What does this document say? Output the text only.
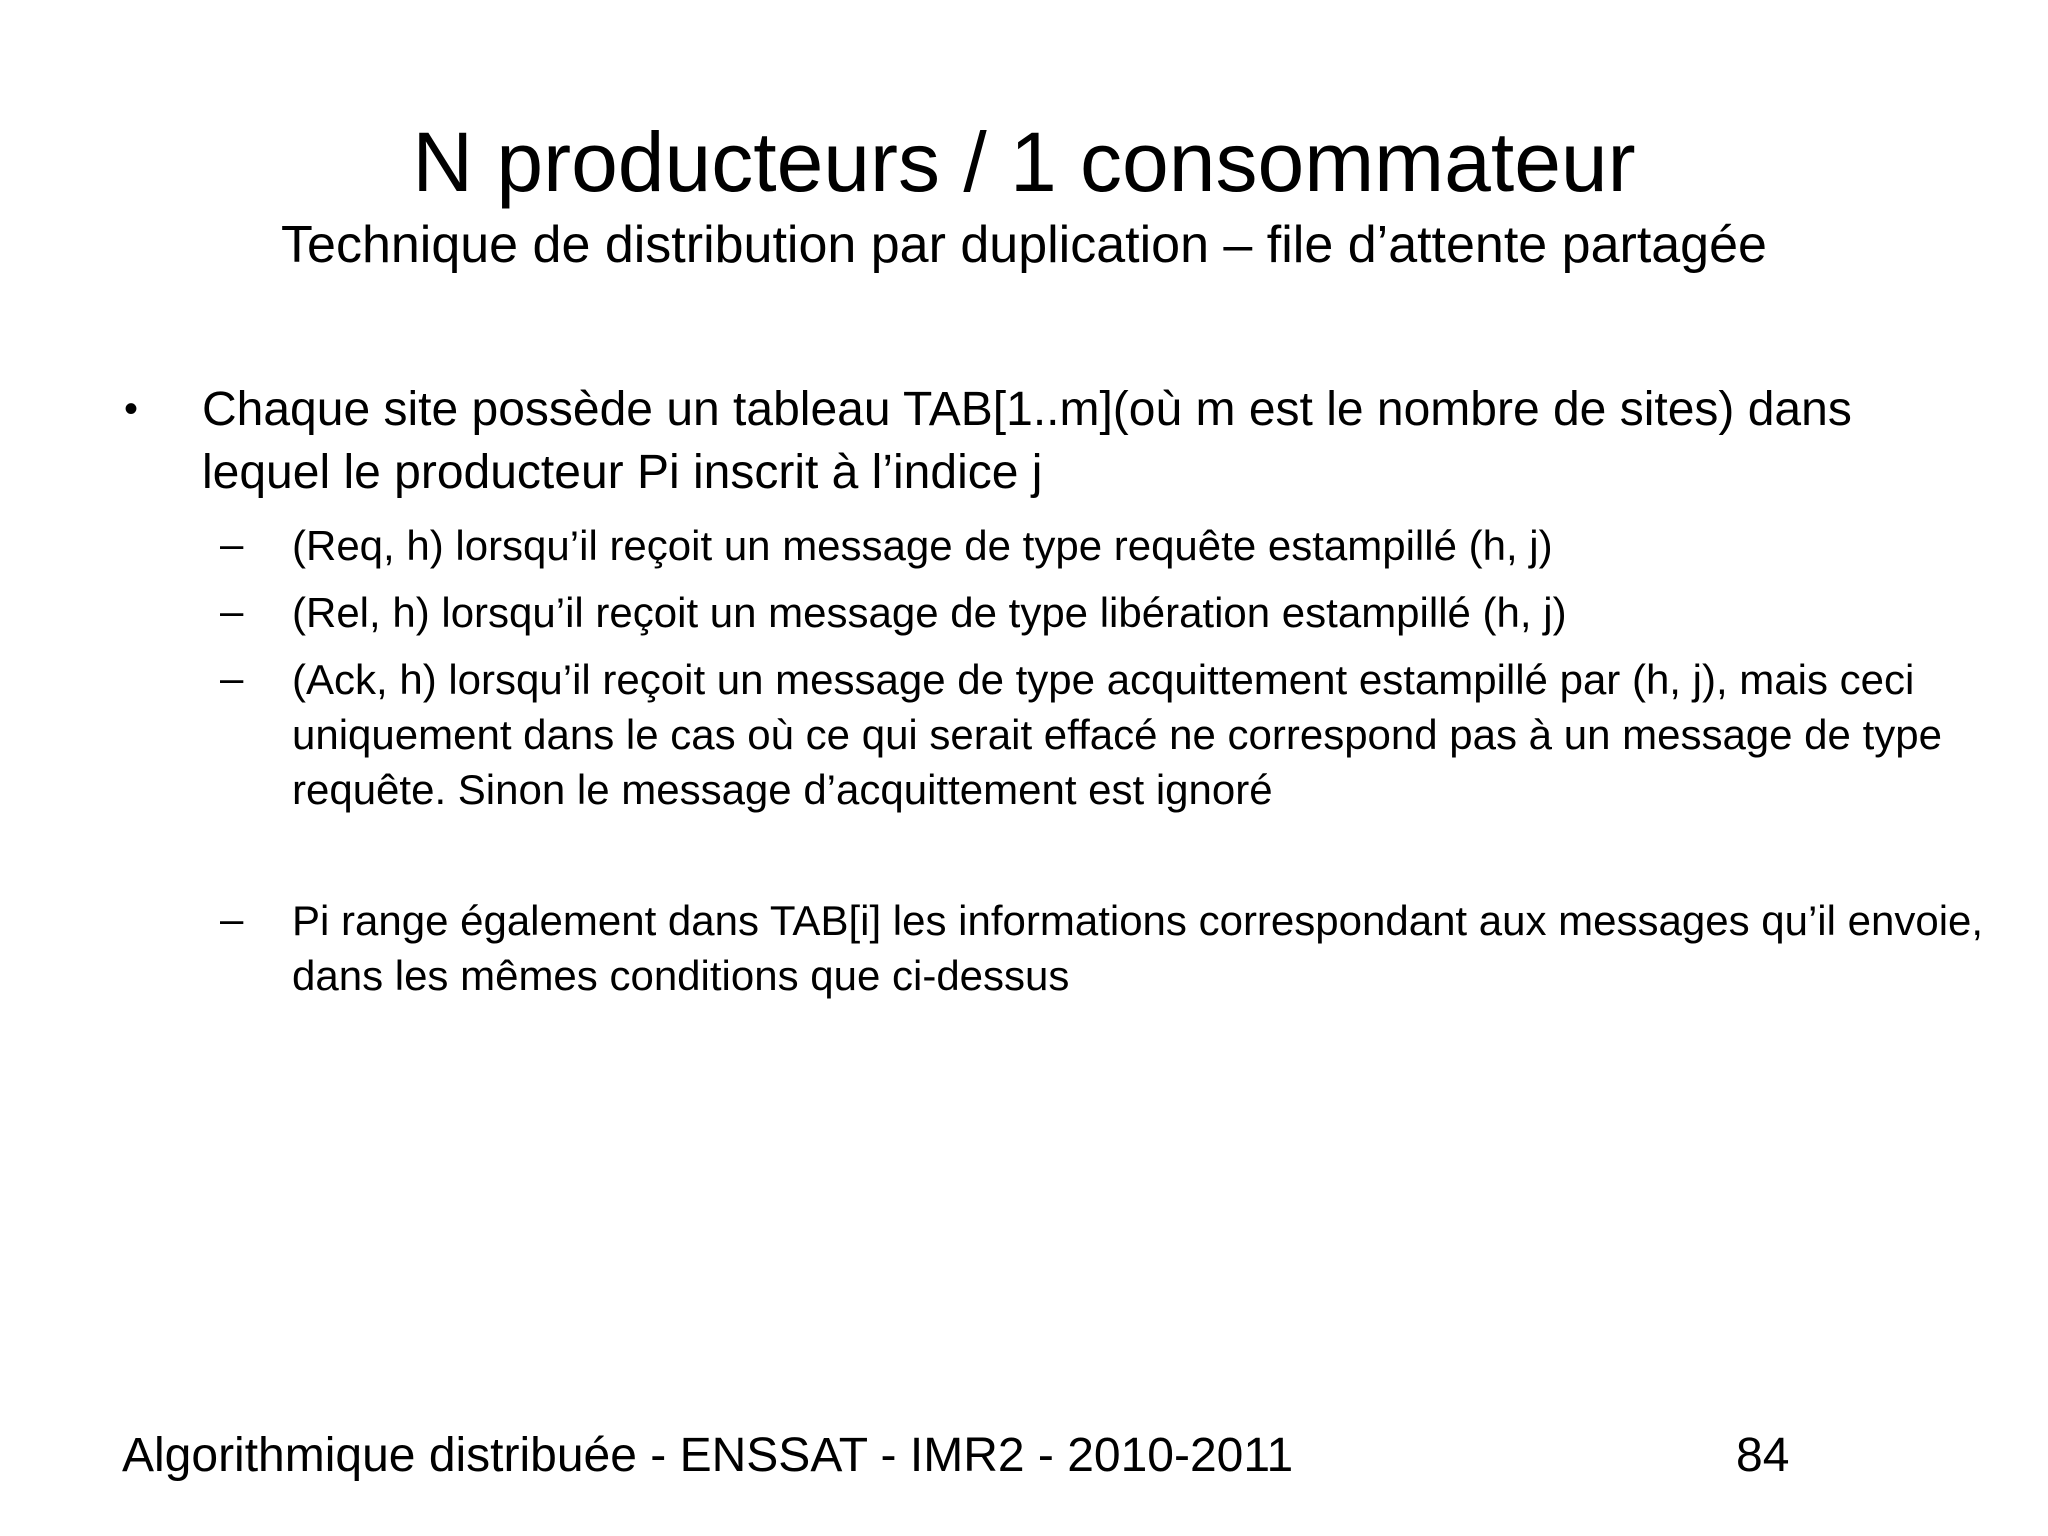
N producteurs / 1 consommateur
Technique de distribution par duplication – file d’attente partagée
• Chaque site possède un tableau TAB[1..m](où m est le nombre de sites) dans lequel le producteur Pi inscrit à l’indice j
– (Req, h) lorsqu’il reçoit un message de type requête estampillé (h, j)
– (Rel, h) lorsqu’il reçoit un message de type libération estampillé (h, j)
– (Ack, h) lorsqu’il reçoit un message de type acquittement estampillé par (h, j), mais ceci uniquement dans le cas où ce qui serait effacé ne correspond pas à un message de type requête. Sinon le message d’acquittement est ignoré
– Pi range également dans TAB[i] les informations correspondant aux messages qu’il envoie, dans les mêmes conditions que ci-dessus
Algorithmique distribuée - ENSSAT - IMR2 - 2010-2011	84
